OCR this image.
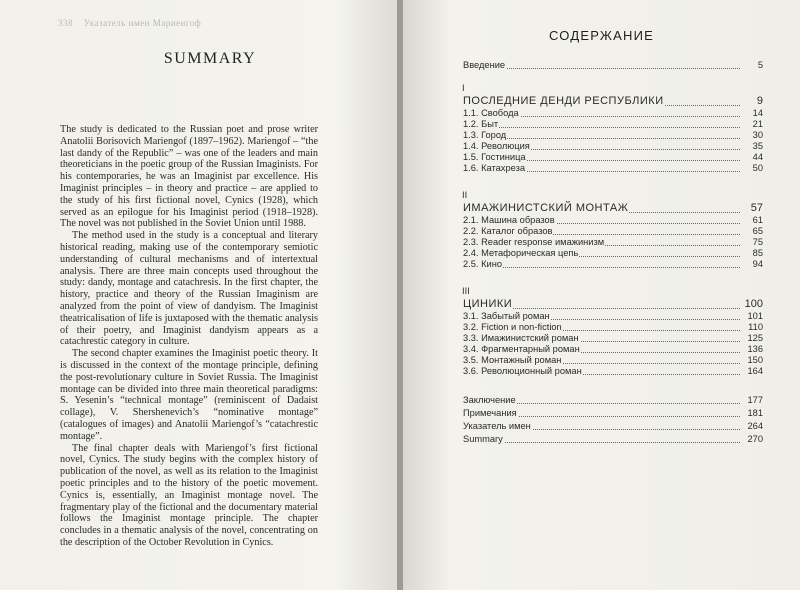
338 Указатель имен Мариенгоф
SUMMARY

The study is dedicated to the Russian poet and prose writer Anatolii Borisovich Mariengof (1897–1962). Mariengof – “the last dandy of the Republic” – was one of the leaders and main theoreticians in the poetic group of the Russian Imaginists. For his contemporaries, he was an Imaginist par excellence. His Imaginist principles – in theory and practice – are applied to the study of his first fictional novel, Cynics (1928), which served as an epilogue for his Imaginist period (1918–1928). The novel was not published in the Soviet Union until 1988.

The method used in the study is a conceptual and literary historical reading, making use of the contemporary semiotic understanding of cultural mechanisms and of intertextual analysis. There are three main concepts used throughout the study: dandy, montage and catachresis. In the first chapter, the history, practice and theory of the Russian Imaginism are analyzed from the point of view of dandyism. The Imaginist theatricalisation of life is juxtaposed with the thematic analysis of their poetry, and Imaginist dandyism appears as a catachrestic category in culture.

The second chapter examines the Imaginist poetic theory. It is discussed in the context of the montage principle, defining the post-revolutionary culture in Soviet Russia. The Imaginist montage can be divided into three main theoretical paradigms: S. Yesenin’s “technical montage” (reminiscent of Dadaist collage), V. Shershenevich’s “nominative montage” (catalogues of images) and Anatolii Mariengof’s “catachrestic montage”.

The final chapter deals with Mariengof’s first fictional novel, Cynics. The study begins with the complex history of publication of the novel, as well as its relation to the Imaginist poetic principles and to the history of the poetic movement. Cynics is, essentially, an Imaginist montage novel. The fragmentary play of the fictional and the documentary material follows the Imaginist montage principle. The chapter concludes in a thematic analysis of the novel, concentrating on the description of the October Revolution in Cynics.

СОДЕРЖАНИЕ
Введение	5
I
ПОСЛЕДНИЕ ДЕНДИ РЕСПУБЛИКИ	9
1.1. Свобода	14
1.2. Быт	21
1.3. Город	30
1.4. Революция	35
1.5. Гостиница	44
1.6. Катахреза	50
II
ИМАЖИНИСТСКИЙ МОНТАЖ	57
2.1. Машина образов	61
2.2. Каталог образов	65
2.3. Reader response имажинизм	75
2.4. Метафорическая цепь	85
2.5. Кино	94
III
ЦИНИКИ	100
3.1. Забытый роман	101
3.2. Fiction и non-fiction	110
3.3. Имажинистский роман	125
3.4. Фрагментарный роман	136
3.5. Монтажный роман	150
3.6. Революционный роман	164
Заключение	177
Примечания	181
Указатель имен	264
Summary	270
